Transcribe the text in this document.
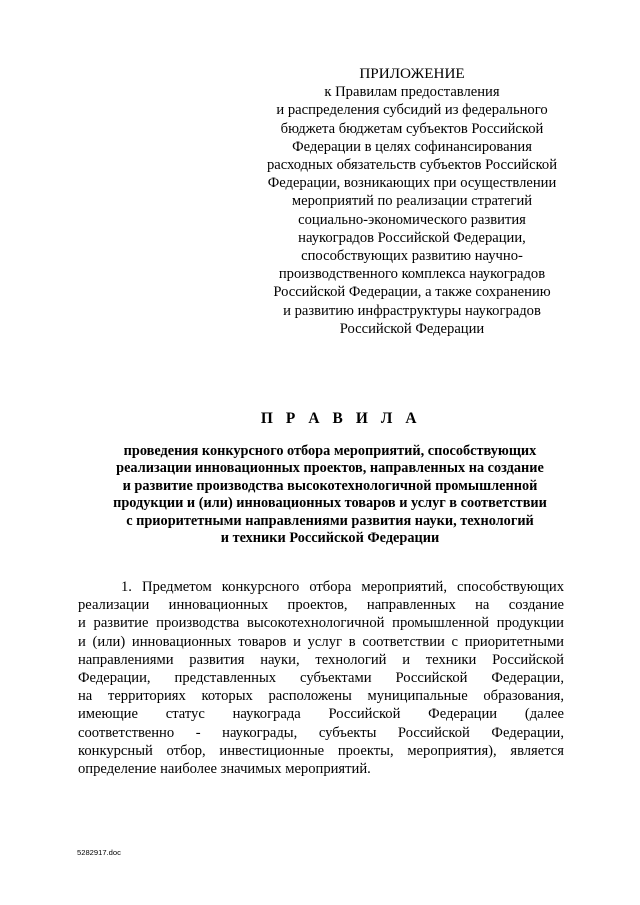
ПРИЛОЖЕНИЕ
к Правилам предоставления
и распределения субсидий из федерального
бюджета бюджетам субъектов Российской
Федерации в целях софинансирования
расходных обязательств субъектов Российской
Федерации, возникающих при осуществлении
мероприятий по реализации стратегий
социально-экономического развития
наукоградов Российской Федерации,
способствующих развитию научно-
производственного комплекса наукоградов
Российской Федерации, а также сохранению
и развитию инфраструктуры наукоградов
Российской Федерации
П Р А В И Л А
проведения конкурсного отбора мероприятий, способствующих
реализации инновационных проектов, направленных на создание
и развитие производства высокотехнологичной промышленной
продукции и (или) инновационных товаров и услуг в соответствии
с приоритетными направлениями развития науки, технологий
и техники Российской Федерации
1. Предметом конкурсного отбора мероприятий, способствующих
реализации инновационных проектов, направленных на создание
и развитие производства высокотехнологичной промышленной продукции
и (или) инновационных товаров и услуг в соответствии с приоритетными
направлениями развития науки, технологий и техники Российской
Федерации, представленных субъектами Российской Федерации,
на территориях которых расположены муниципальные образования,
имеющие статус наукограда Российской Федерации (далее
соответственно - наукограды, субъекты Российской Федерации,
конкурсный отбор, инвестиционные проекты, мероприятия), является
определение наиболее значимых мероприятий.
5282917.doc
